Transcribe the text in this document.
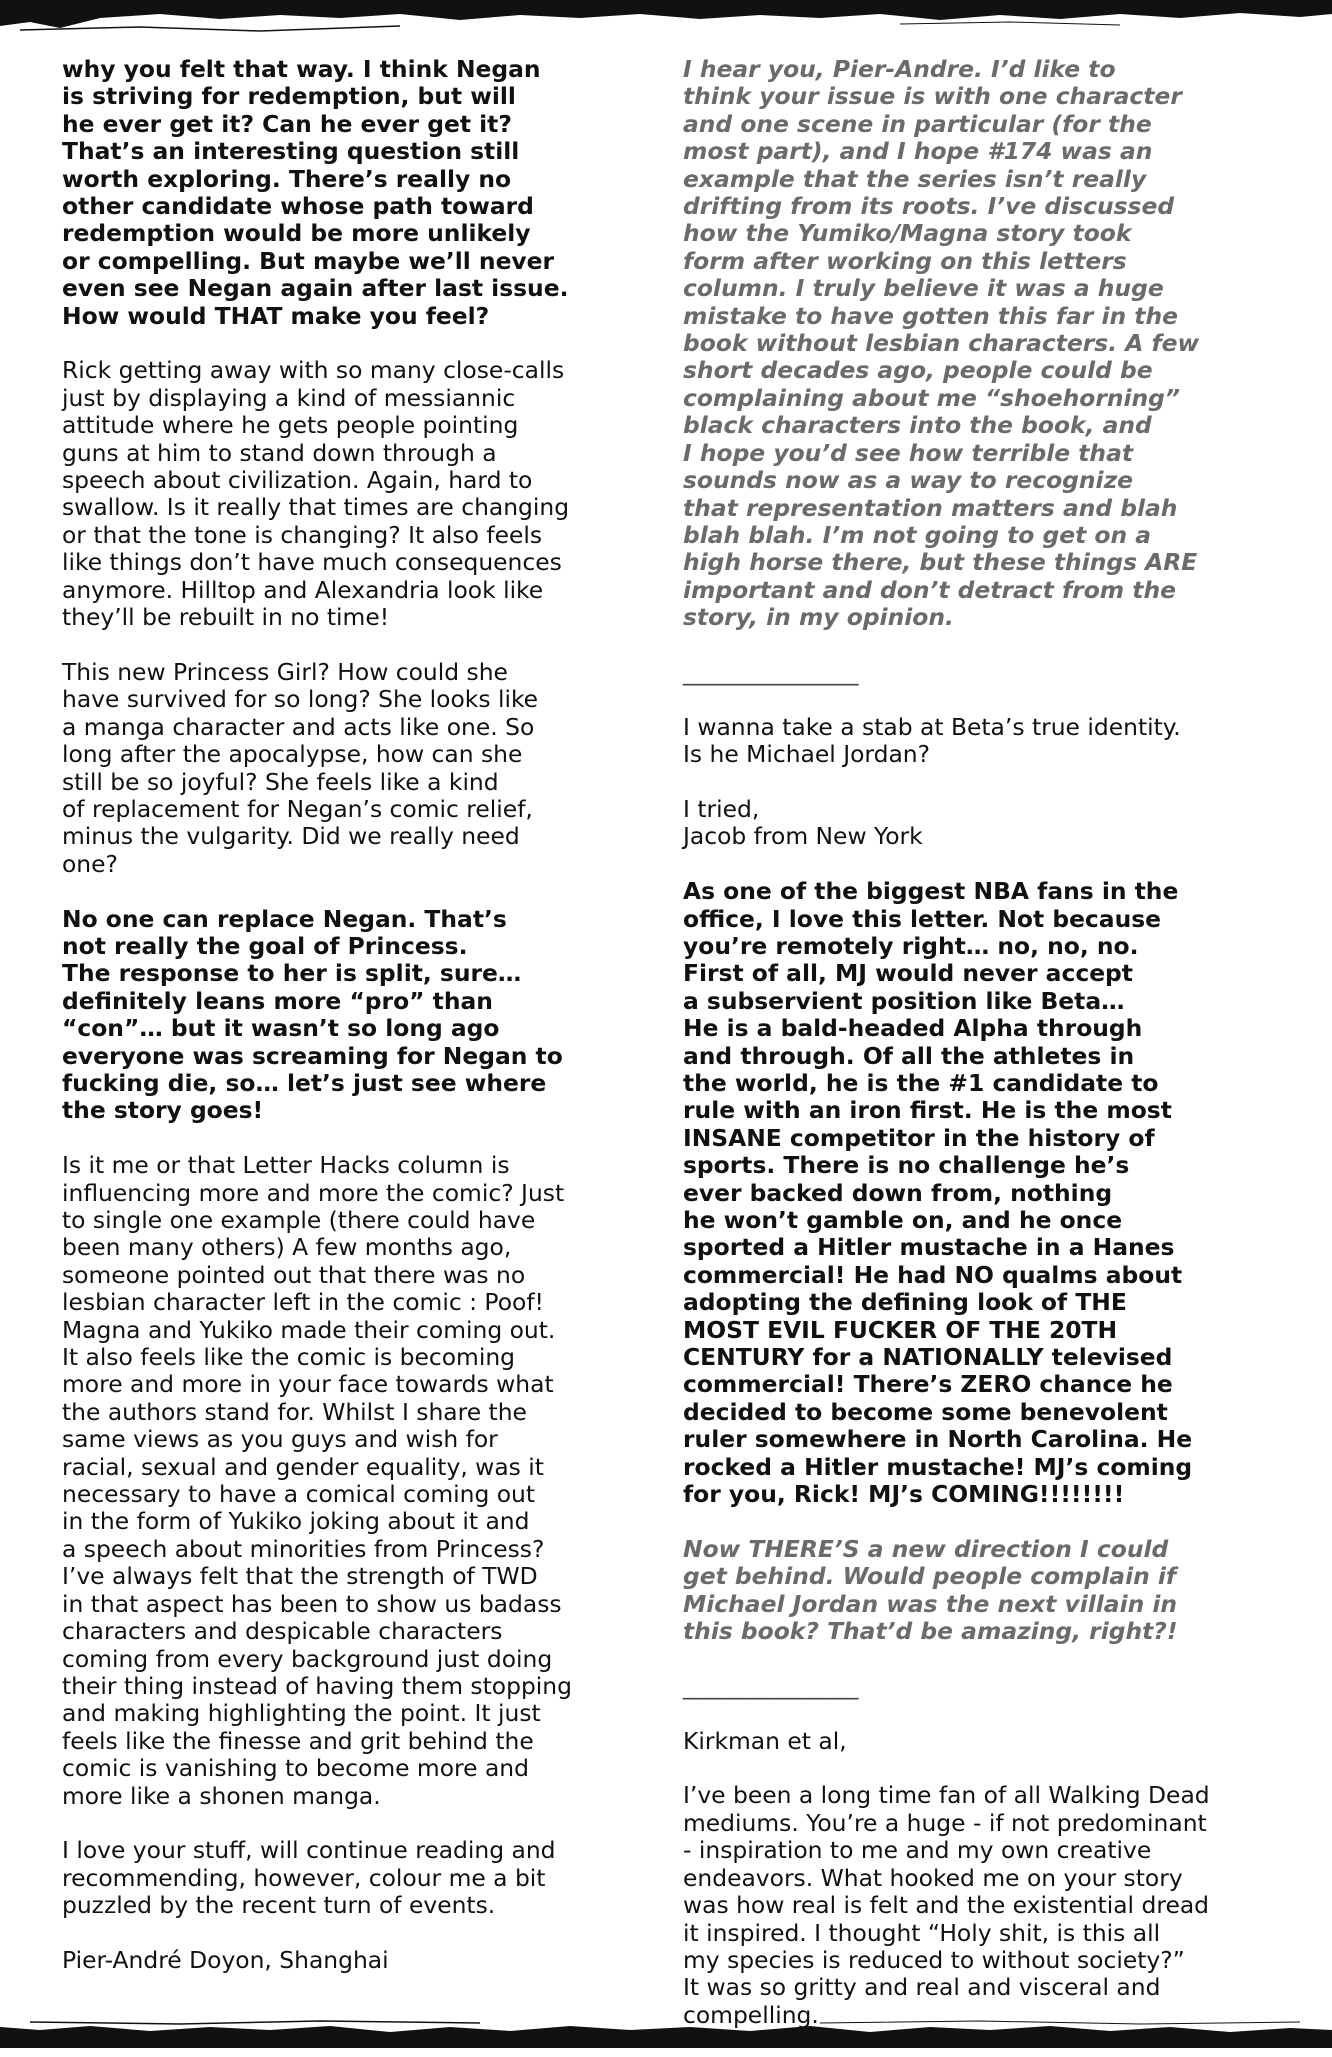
why you felt that way. I think Negan
is striving for redemption, but will
he ever get it? Can he ever get it?
That’s an interesting question still
worth exploring. There’s really no
other candidate whose path toward
redemption would be more unlikely
or compelling. But maybe we’ll never
even see Negan again after last issue.
How would THAT make you feel?

Rick getting away with so many close-calls
just by displaying a kind of messiannic
attitude where he gets people pointing
guns at him to stand down through a
speech about civilization. Again, hard to
swallow. Is it really that times are changing
or that the tone is changing? It also feels
like things don’t have much consequences
anymore. Hilltop and Alexandria look like
they’ll be rebuilt in no time!

This new Princess Girl? How could she
have survived for so long? She looks like
a manga character and acts like one. So
long after the apocalypse, how can she
still be so joyful? She feels like a kind
of replacement for Negan’s comic relief,
minus the vulgarity. Did we really need
one?

No one can replace Negan. That’s
not really the goal of Princess.
The response to her is split, sure…
definitely leans more “pro” than
“con”… but it wasn’t so long ago
everyone was screaming for Negan to
fucking die, so… let’s just see where
the story goes!

Is it me or that Letter Hacks column is
influencing more and more the comic? Just
to single one example (there could have
been many others) A few months ago,
someone pointed out that there was no
lesbian character left in the comic : Poof!
Magna and Yukiko made their coming out.
It also feels like the comic is becoming
more and more in your face towards what
the authors stand for. Whilst I share the
same views as you guys and wish for
racial, sexual and gender equality, was it
necessary to have a comical coming out
in the form of Yukiko joking about it and
a speech about minorities from Princess?
I’ve always felt that the strength of TWD
in that aspect has been to show us badass
characters and despicable characters
coming from every background just doing
their thing instead of having them stopping
and making highlighting the point. It just
feels like the finesse and grit behind the
comic is vanishing to become more and
more like a shonen manga.

I love your stuff, will continue reading and
recommending, however, colour me a bit
puzzled by the recent turn of events.

Pier-André Doyon, Shanghai

I hear you, Pier-Andre. I’d like to
think your issue is with one character
and one scene in particular (for the
most part), and I hope #174 was an
example that the series isn’t really
drifting from its roots. I’ve discussed
how the Yumiko/Magna story took
form after working on this letters
column. I truly believe it was a huge
mistake to have gotten this far in the
book without lesbian characters. A few
short decades ago, people could be
complaining about me “shoehorning”
black characters into the book, and
I hope you’d see how terrible that
sounds now as a way to recognize
that representation matters and blah
blah blah. I’m not going to get on a
high horse there, but these things ARE
important and don’t detract from the
story, in my opinion.

_______________

I wanna take a stab at Beta’s true identity.
Is he Michael Jordan?

I tried,
Jacob from New York

As one of the biggest NBA fans in the
office, I love this letter. Not because
you’re remotely right… no, no, no.
First of all, MJ would never accept
a subservient position like Beta…
He is a bald-headed Alpha through
and through. Of all the athletes in
the world, he is the #1 candidate to
rule with an iron first. He is the most
INSANE competitor in the history of
sports. There is no challenge he’s
ever backed down from, nothing
he won’t gamble on, and he once
sported a Hitler mustache in a Hanes
commercial! He had NO qualms about
adopting the defining look of THE
MOST EVIL FUCKER OF THE 20TH
CENTURY for a NATIONALLY televised
commercial! There’s ZERO chance he
decided to become some benevolent
ruler somewhere in North Carolina. He
rocked a Hitler mustache! MJ’s coming
for you, Rick! MJ’s COMING!!!!!!!!

Now THERE’S a new direction I could
get behind. Would people complain if
Michael Jordan was the next villain in
this book? That’d be amazing, right?!

_______________

Kirkman et al,

I’ve been a long time fan of all Walking Dead
mediums. You’re a huge - if not predominant
- inspiration to me and my own creative
endeavors. What hooked me on your story
was how real is felt and the existential dread
it inspired. I thought “Holy shit, is this all
my species is reduced to without society?”
It was so gritty and real and visceral and
compelling.
